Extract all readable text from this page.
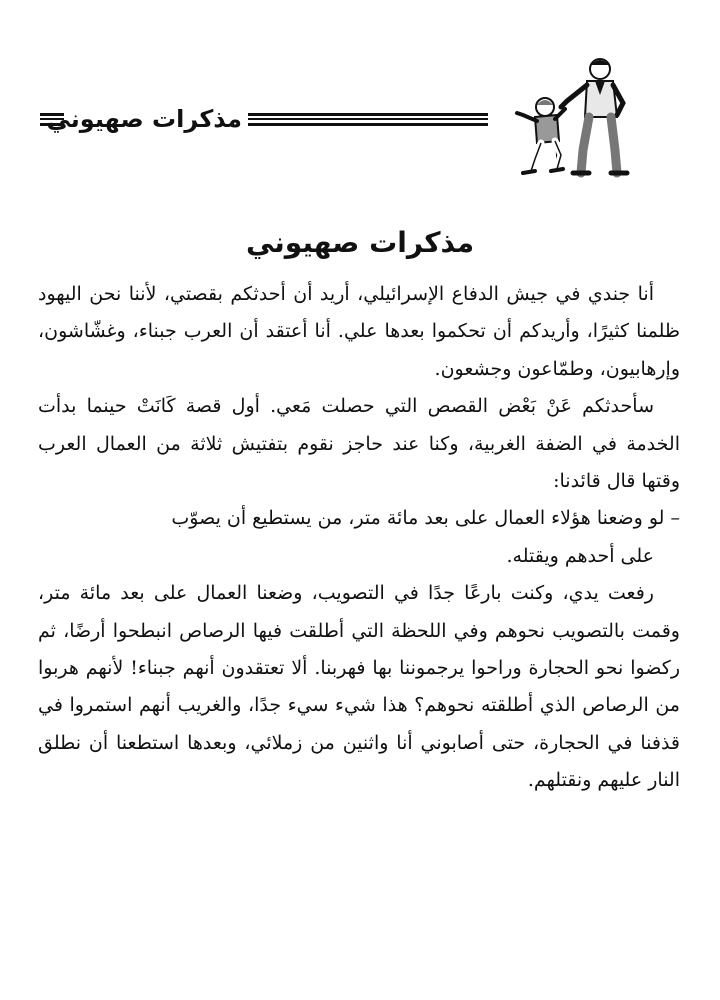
مذكرات صهيوني
مذكرات صهيوني

أنا جندي في جيش الدفاع الإسرائيلي، أريد أن أحدثكم بقصتي، لأننا نحن اليهود ظلمنا كثيرًا، وأريدكم أن تحكموا بعدها علي. أنا أعتقد أن العرب جبناء، وغشّاشون، وإرهابيون، وطمّاعون وجشعون.

سأحدثكم عَنْ بَعْض القصص التي حصلت مَعي. أول قصة كَانَتْ حينما بدأت الخدمة في الضفة الغربية، وكنا عند حاجز نقوم بتفتيش ثلاثة من العمال العرب وقتها قال قائدنا:

– لو وضعنا هؤلاء العمال على بعد مائة متر، من يستطيع أن يصوّب

على أحدهم ويقتله.

رفعت يدي، وكنت بارعًا جدًا في التصويب، وضعنا العمال على بعد مائة متر، وقمت بالتصويب نحوهم وفي اللحظة التي أطلقت فيها الرصاص انبطحوا أرضًا، ثم ركضوا نحو الحجارة وراحوا يرجموننا بها فهربنا. ألا تعتقدون أنهم جبناء! لأنهم هربوا من الرصاص الذي أطلقته نحوهم؟ هذا شيء سيء جدًا، والغريب أنهم استمروا في قذفنا في الحجارة، حتى أصابوني أنا واثنين من زملائي، وبعدها استطعنا أن نطلق النار عليهم ونقتلهم.
